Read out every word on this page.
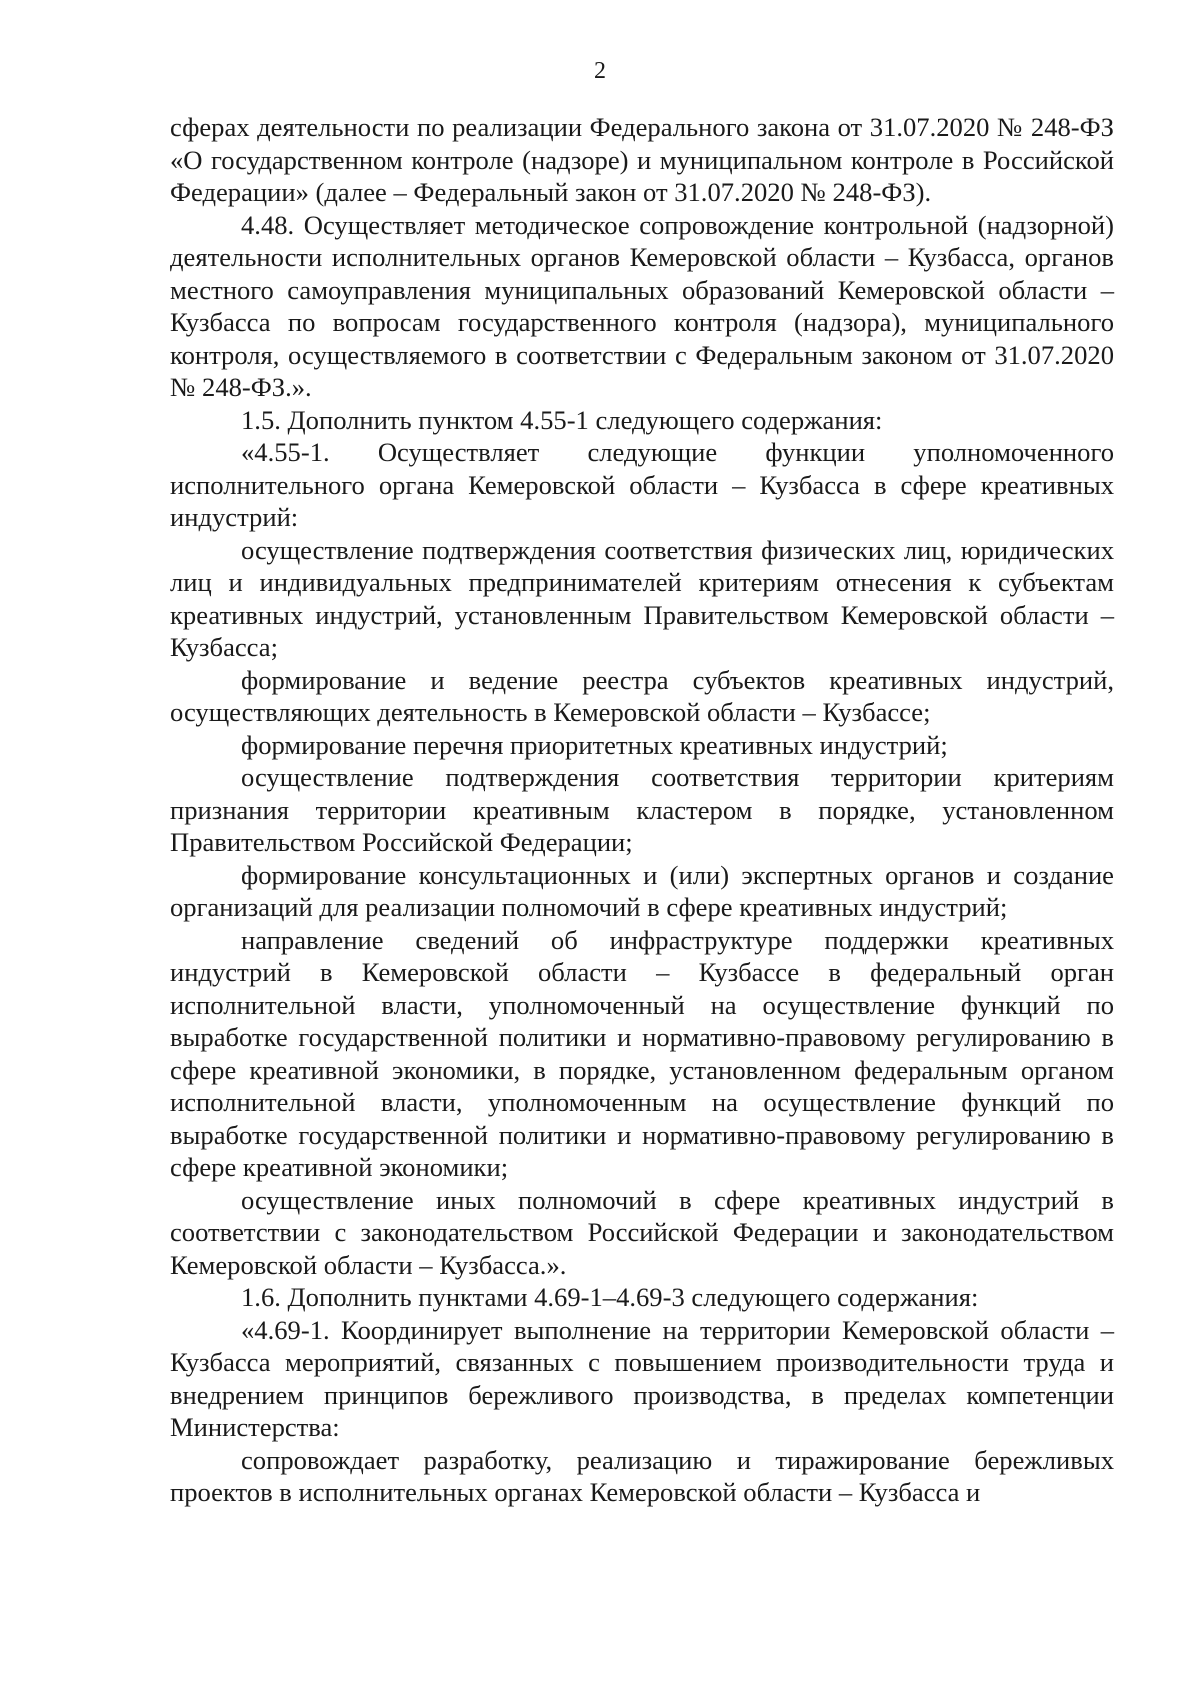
2

сферах деятельности по реализации Федерального закона от 31.07.2020 № 248-ФЗ «О государственном контроле (надзоре) и муниципальном контроле в Российской Федерации» (далее – Федеральный закон от 31.07.2020 № 248-ФЗ).

4.48. Осуществляет методическое сопровождение контрольной (надзорной) деятельности исполнительных органов Кемеровской области – Кузбасса, органов местного самоуправления муниципальных образований Кемеровской области – Кузбасса по вопросам государственного контроля (надзора), муниципального контроля, осуществляемого в соответствии с Федеральным законом от 31.07.2020 № 248-ФЗ.».

1.5. Дополнить пунктом 4.55-1 следующего содержания:

«4.55-1. Осуществляет следующие функции уполномоченного исполнительного органа Кемеровской области – Кузбасса в сфере креативных индустрий:

осуществление подтверждения соответствия физических лиц, юридических лиц и индивидуальных предпринимателей критериям отнесения к субъектам креативных индустрий, установленным Правительством Кемеровской области – Кузбасса;

формирование и ведение реестра субъектов креативных индустрий, осуществляющих деятельность в Кемеровской области – Кузбассе;

формирование перечня приоритетных креативных индустрий;

осуществление подтверждения соответствия территории критериям признания территории креативным кластером в порядке, установленном Правительством Российской Федерации;

формирование консультационных и (или) экспертных органов и создание организаций для реализации полномочий в сфере креативных индустрий;

направление сведений об инфраструктуре поддержки креативных индустрий в Кемеровской области – Кузбассе в федеральный орган исполнительной власти, уполномоченный на осуществление функций по выработке государственной политики и нормативно-правовому регулированию в сфере креативной экономики, в порядке, установленном федеральным органом исполнительной власти, уполномоченным на осуществление функций по выработке государственной политики и нормативно-правовому регулированию в сфере креативной экономики;

осуществление иных полномочий в сфере креативных индустрий в соответствии с законодательством Российской Федерации и законодательством Кемеровской области – Кузбасса.».

1.6. Дополнить пунктами 4.69-1–4.69-3 следующего содержания:

«4.69-1. Координирует выполнение на территории Кемеровской области – Кузбасса мероприятий, связанных с повышением производительности труда и внедрением принципов бережливого производства, в пределах компетенции Министерства:

сопровождает разработку, реализацию и тиражирование бережливых проектов в исполнительных органах Кемеровской области – Кузбасса и
